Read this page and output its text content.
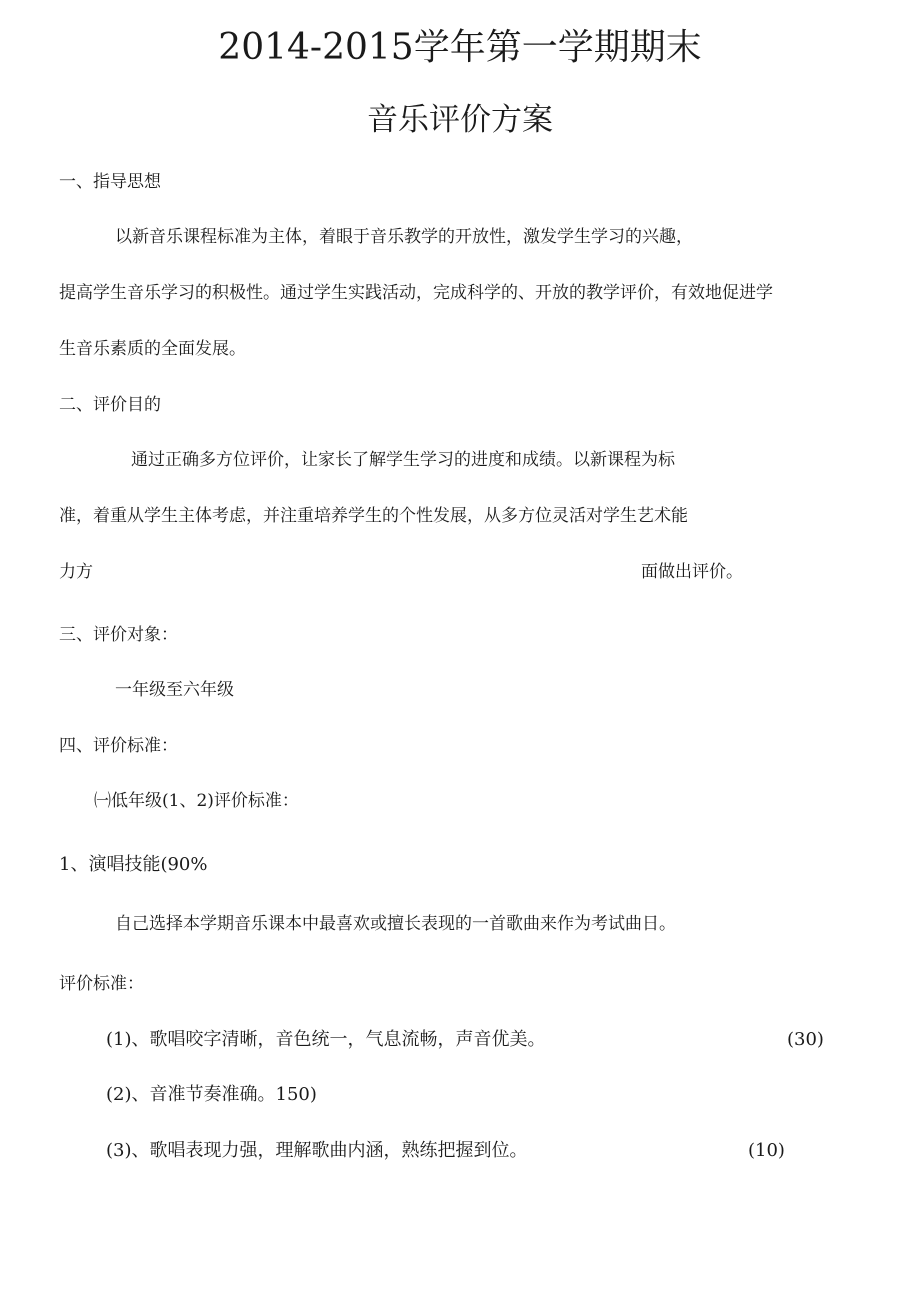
2014-2015学年第一学期期末
音乐评价方案
一、指导思想
以新音乐课程标准为主体，着眼于音乐教学的开放性，激发学生学习的兴趣，
提高学生音乐学习的积极性。通过学生实践活动，完成科学的、开放的教学评价，有效地促进学
生音乐素质的全面发展。
二、评价目的
通过正确多方位评价，让家长了解学生学习的进度和成绩。以新课程为标
准，着重从学生主体考虑，并注重培养学生的个性发展，从多方位灵活对学生艺术能
力方	面做出评价。
三、评价对象：
一年级至六年级
四、评价标准：
㈠低年级(1、2)评价标准：
1、演唱技能(90%
自己选择本学期音乐课本中最喜欢或擅长表现的一首歌曲来作为考试曲日。
评价标准：
(1)、歌唱咬字清晰，音色统一，气息流畅，声音优美。	(30)
(2)、音准节奏准确。150)
(3)、歌唱表现力强，理解歌曲内涵，熟练把握到位。	(10)
